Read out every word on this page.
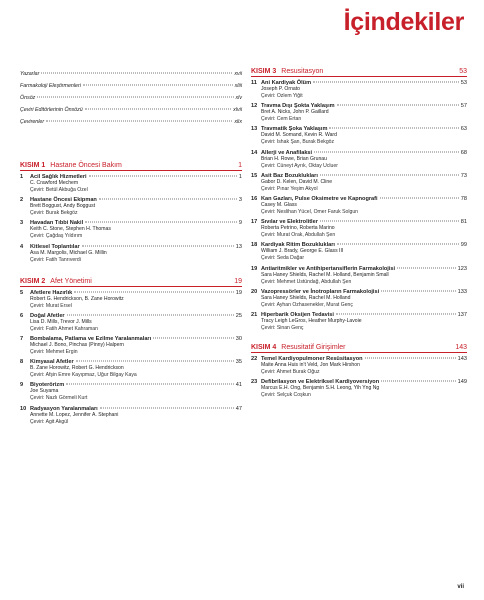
İçindekiler
Yazarlar	xvii
Farmakoloji Eleştirmenleri	xliii
Önsöz	xlv
Çeviri Editörlerinin Önsözü	xlvii
Çevirenler	xlix
KISIM 1 Hastane Öncesi Bakım	1
1	Acil Sağlık Hizmetleri	1
C. Crawford Mechem
Çeviri: Betül Akbuğa Özel
2	Hastane Öncesi Ekipman	3
Brett Boggust, Andy Boggust
Çeviri: Burak Bekgöz
3	Havadan Tıbbi Nakil	9
Keith C. Stone, Stephen H. Thomas
Çeviri: Çağdaş Yıldırım
4	Kitlesel Toplantılar	13
Asa M. Margolis, Michael G. Millin
Çeviri: Fatih Tanrıverdi
KISIM 2 Afet Yönetimi	19
5	Afetlere Hazırlık	19
Robert G. Hendrickson, B. Zane Horowitz
Çeviri: Murat Ersel
6	Doğal Afetler	25
Lisa D. Mills, Trevor J. Mills
Çeviri: Fatih Ahmet Kahraman
7	Bombalama, Patlama ve Ezilme Yaralanmaları	30
Michael J. Bono, Pinchas (Pinny) Halpern
Çeviri: Mehmet Ergin
8	Kimyasal Afetler	35
B. Zane Horowitz, Robert G. Hendrickson
Çeviri: Afşin Emre Kayıpmaz, Uğur Bilgay Kaya
9	Biyoterörizm	41
Joe Suyama
Çeviri: Nazlı Görmeli Kurt
10 Radyasyon Yaralanmaları	47
Annette M. Lopez, Jennifer A. Stephani
Çeviri: Agit Akgül
KISIM 3 Resusitasyon	53
11 Ani Kardiyak Ölüm	53
Joseph P. Ornato
Çeviri: Özlem Yiğit
12 Travma Dışı Şokta Yaklaşım	57
Bret A. Nicks, John P. Gaillard
Çeviri: Cem Ertan
13 Travmatik Şoka Yaklaşım	63
David M. Somand, Kevin R. Ward
Çeviri: İshak Şan, Burak Bekgöz
14 Allerji ve Anafilaksi	68
Brian H. Rowe, Brian Grunau
Çeviri: Cüneyt Ayrık, Oktay Ucluer
15 Asit Baz Bozuklukları	73
Gabor D. Kelen, David M. Cline
Çeviri: Pınar Yeşim Akyol
16 Kan Gazları, Pulse Oksimetre ve Kapnografi	78
Casey M. Glass
Çeviri: Neslihan Yücel, Ömer Faruk Solgun
17 Sıvılar ve Elektrolitler	81
Roberta Petrino, Roberta Marino
Çeviri: Murat Orak, Abdullah Şen
18 Kardiyak Ritim Bozuklukları	99
William J. Brady, George E. Glass III
Çeviri: Seda Dağar
19 Antiaritmikler ve Antihipertansiflerin Farmakolojisi	123
Sara Haney Shields, Rachel M. Holland, Benjamin Small
Çeviri: Mehmet Üstündağ, Abdullah Şen
20 Vazopressörler ve İnotropların Farmakolojisi	133
Sara Haney Shields, Rachel M. Holland
Çeviri: Ayhan Özhasenekler, Murat Genç
21 Hiperbarik Oksijen Tedavisi	137
Tracy Leigh LeGros, Heather Murphy-Lavoie
Çeviri: Sinan Genç
KISIM 4 Resusitatif Girişimler	143
22 Temel Kardiyopulmoner Resüsitasyon	143
Maite Anna Huis in't Veld, Jon Mark Hirshon
Çeviri: Ahmet Burak Oğuz
23 Defibrilasyon ve Elektriksel Kardiyoversiyon	149
Marcus E.H. Ong, Benjamin S.H. Leong, Yih Yng Ng
Çeviri: Selçuk Coşkun
vii
